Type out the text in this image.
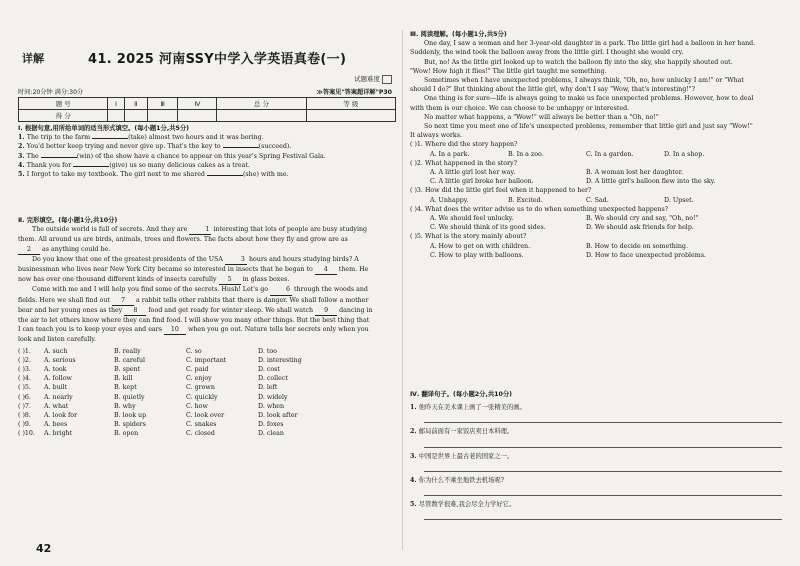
详解	41. 2025 河南SSY中学入学英语真卷(一)
试题难度
时间:20分钟 满分:30分	≫答案见"答案超详解"P30
题 号	Ⅰ	Ⅱ	Ⅲ	Ⅳ	总 分	等 级
得 分						
Ⅰ. 根据句意,用所给单词的适当形式填空。(每小题1分,共5分)
1. The trip to the farm	(take) almost two hours and it was boring.
2. You'd better keep trying and never give up. That's the key to	(succeed).
3. The	(win) of the show have a chance to appear on this year's Spring Festival Gala.
4. Thank you for	(give) us so many delicious cakes as a treat.
5. I forgot to take my textbook. The girl next to me shared	(she) with me.
Ⅱ. 完形填空。(每小题1分,共10分)
The outside world is full of secrets. And they are	1 interesting that lots of people are busy studying
them. All around us are birds, animals, trees and flowers. The facts about how they fly and grow are as
2 as anything could be.
Do you know that one of the greatest presidents of the USA	3 hours and hours studying birds? A
businessman who lives near New York City became so interested in insects that he began to 4 them. He
now has over one thousand different kinds of insects carefully 5 in glass boxes.
Come with me and I will help you find some of the secrets. Hush! Let's go	6 through the woods and
fields. Here we shall find out 7 a rabbit tells other rabbits that there is danger. We shall follow a mother
bear and her young ones as they 8 food and get ready for winter sleep. We shall watch 9 dancing in
the air to let others know where they can find food. I will show you many other things. But the best thing that
I can teach you is to keep your eyes and ears 10 when you go out. Nature tells her secrets only when you
look and listen carefully.
( )1.	A. such	B. really	C. so	D. too
( )2.	A. serious	B. careful	C. important	D. interesting
( )3.	A. took	B. spent	C. paid	D. cost
( )4.	A. follow	B. kill	C. enjoy	D. collect
( )5.	A. built	B. kept	C. grown	D. left
( )6.	A. nearly	B. quietly	C. quickly	D. widely
( )7.	A. what	B. why	C. how	D. when
( )8.	A. look for	B. look up	C. look over	D. look after
( )9.	A. bees	B. spiders	C. snakes	D. foxes
( )10.	A. bright	B. open	C. closed	D. clean
42
Ⅲ. 阅读理解。(每小题1分,共5分)
One day, I saw a woman and her 3-year-old daughter in a park. The little girl had a balloon in her hand.
Suddenly, the wind took the balloon away from the little girl. I thought she would cry.
But, no! As the little girl looked up to watch the balloon fly into the sky, she happily shouted out.
"Wow! How high it flies!" The little girl taught me something.
Sometimes when I have unexpected problems, I always think, "Oh, no, how unlucky I am!" or "What
should I do?" But thinking about the little girl, why don't I say "Wow, that's interesting!"?
One thing is for sure—life is always going to make us face unexpected problems. However, how to deal
with them is our choice. We can choose to be unhappy or interested.
No matter what happens, a "Wow!" will always be better than a "Oh, no!"
So next time you meet one of life's unexpected problems, remember that little girl and just say "Wow!"
It always works.
( )1. Where did the story happen?
A. In a park.	B. In a zoo.	C. In a garden.	D. In a shop.
( )2. What happened in the story?
A. A little girl lost her way.	B. A woman lost her daughter.
C. A little girl broke her balloon.	D. A little girl's balloon flew into the sky.
( )3. How did the little girl feel when it happened to her?
A. Unhappy.	B. Excited.	C. Sad.	D. Upset.
( )4. What does the writer advise us to do when something unexpected happens?
A. We should feel unlucky.	B. We should cry and say, "Oh, no!"
C. We should think of its good sides.	D. We should ask friends for help.
( )5. What is the story mainly about?
A. How to get on with children.	B. How to decide on something.
C. How to play with balloons.	D. How to face unexpected problems.
Ⅳ. 翻译句子。(每小题2分,共10分)
1. 他昨天在美术课上画了一张精美的画。
2. 邮局前面有一家饭店卖日本料理。
3. 中国是世界上最古老的国家之一。
4. 你为什么不乘坐地铁去机场呢?
5. 尽管数学很难,我会尽全力学好它。
